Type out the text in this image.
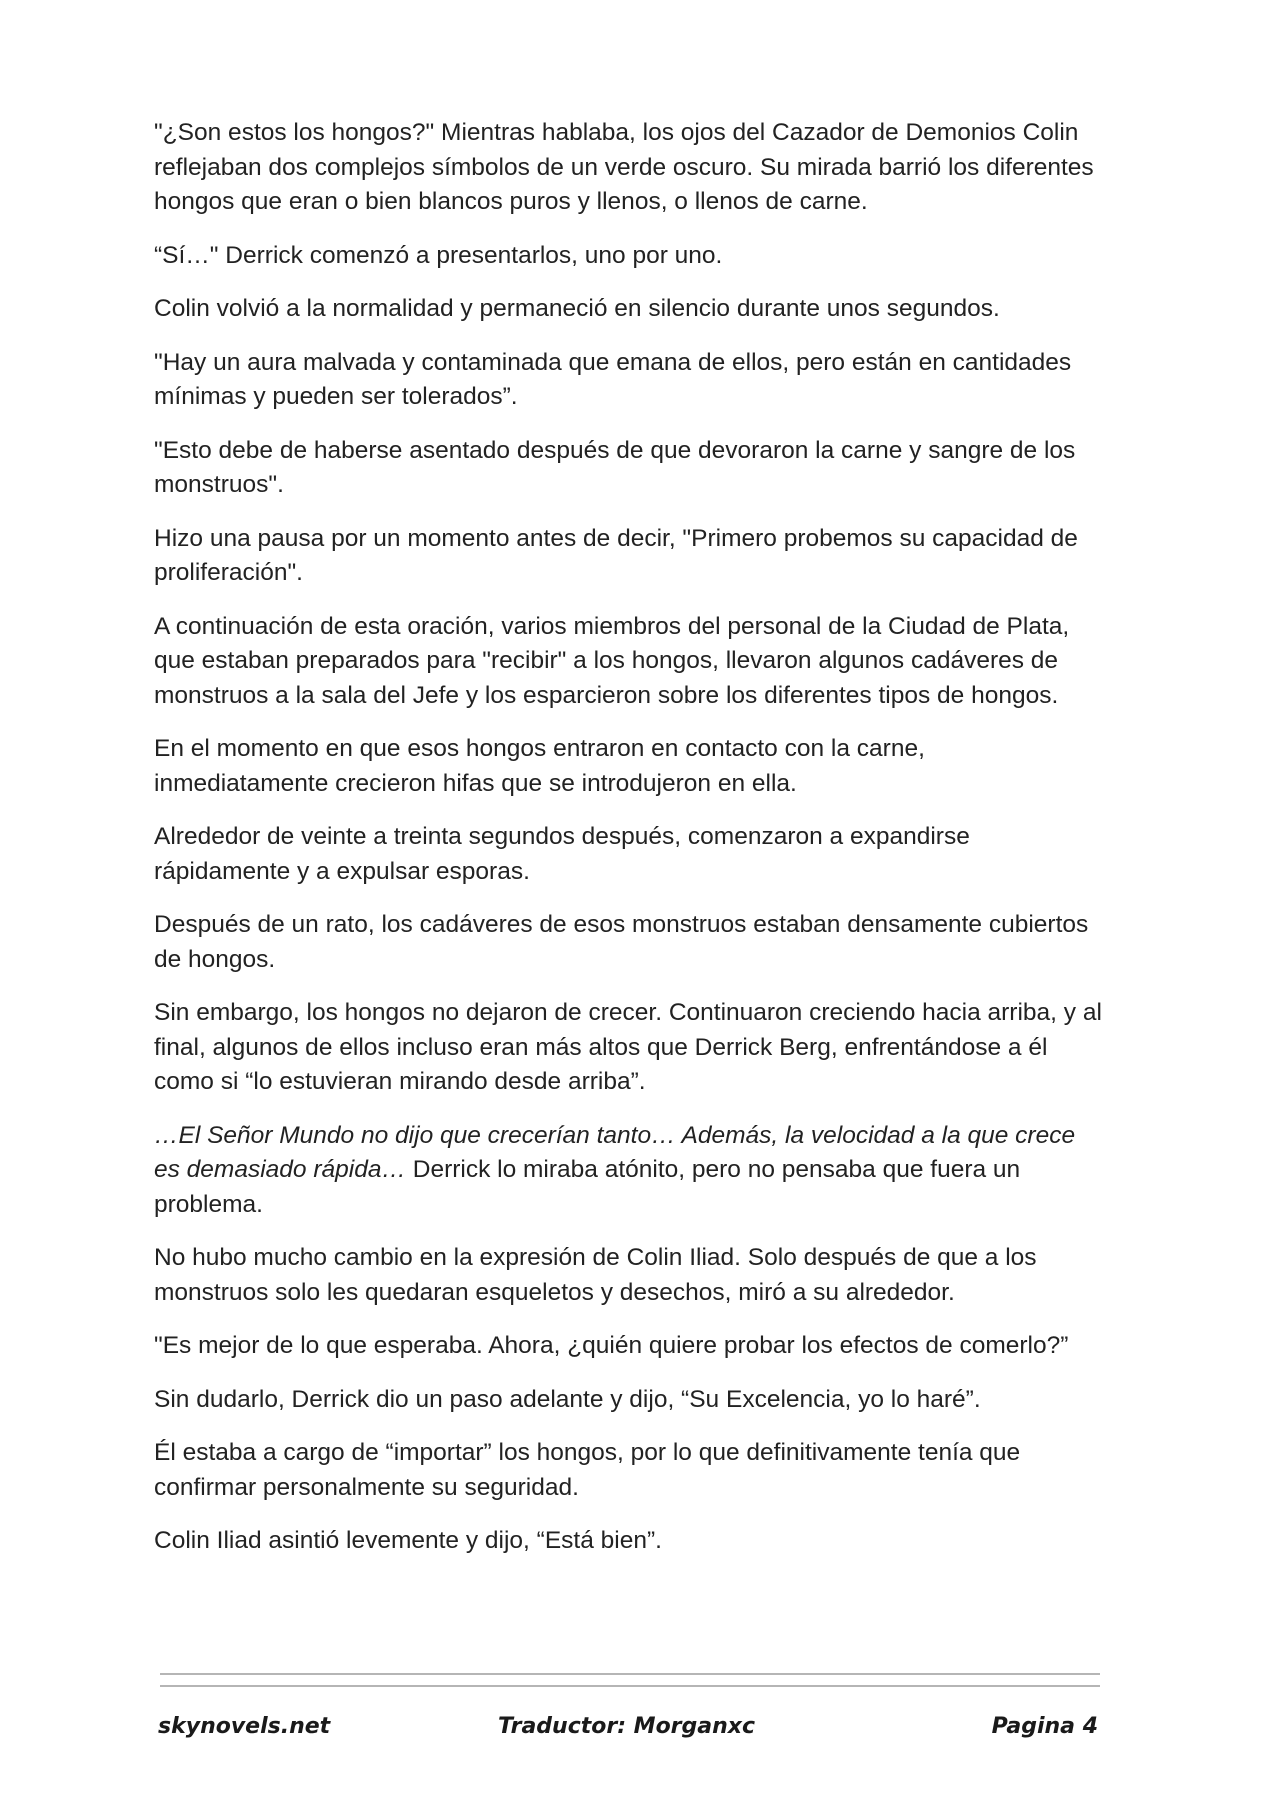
"¿Son estos los hongos?" Mientras hablaba, los ojos del Cazador de Demonios Colin reflejaban dos complejos símbolos de un verde oscuro. Su mirada barrió los diferentes hongos que eran o bien blancos puros y llenos, o llenos de carne.

“Sí…" Derrick comenzó a presentarlos, uno por uno.

Colin volvió a la normalidad y permaneció en silencio durante unos segundos.

"Hay un aura malvada y contaminada que emana de ellos, pero están en cantidades mínimas y pueden ser tolerados”.

"Esto debe de haberse asentado después de que devoraron la carne y sangre de los monstruos".

Hizo una pausa por un momento antes de decir, "Primero probemos su capacidad de proliferación".

A continuación de esta oración, varios miembros del personal de la Ciudad de Plata, que estaban preparados para "recibir" a los hongos, llevaron algunos cadáveres de monstruos a la sala del Jefe y los esparcieron sobre los diferentes tipos de hongos.

En el momento en que esos hongos entraron en contacto con la carne, inmediatamente crecieron hifas que se introdujeron en ella.

Alrededor de veinte a treinta segundos después, comenzaron a expandirse rápidamente y a expulsar esporas.

Después de un rato, los cadáveres de esos monstruos estaban densamente cubiertos de hongos.

Sin embargo, los hongos no dejaron de crecer. Continuaron creciendo hacia arriba, y al final, algunos de ellos incluso eran más altos que Derrick Berg, enfrentándose a él como si “lo estuvieran mirando desde arriba”.

…El Señor Mundo no dijo que crecerían tanto… Además, la velocidad a la que crece es demasiado rápida… Derrick lo miraba atónito, pero no pensaba que fuera un problema.

No hubo mucho cambio en la expresión de Colin Iliad. Solo después de que a los monstruos solo les quedaran esqueletos y desechos, miró a su alrededor.

"Es mejor de lo que esperaba. Ahora, ¿quién quiere probar los efectos de comerlo?”

Sin dudarlo, Derrick dio un paso adelante y dijo, “Su Excelencia, yo lo haré”.

Él estaba a cargo de “importar” los hongos, por lo que definitivamente tenía que confirmar personalmente su seguridad.

Colin Iliad asintió levemente y dijo, “Está bien”.

skynovels.net	Traductor: Morganxc	Pagina 4
